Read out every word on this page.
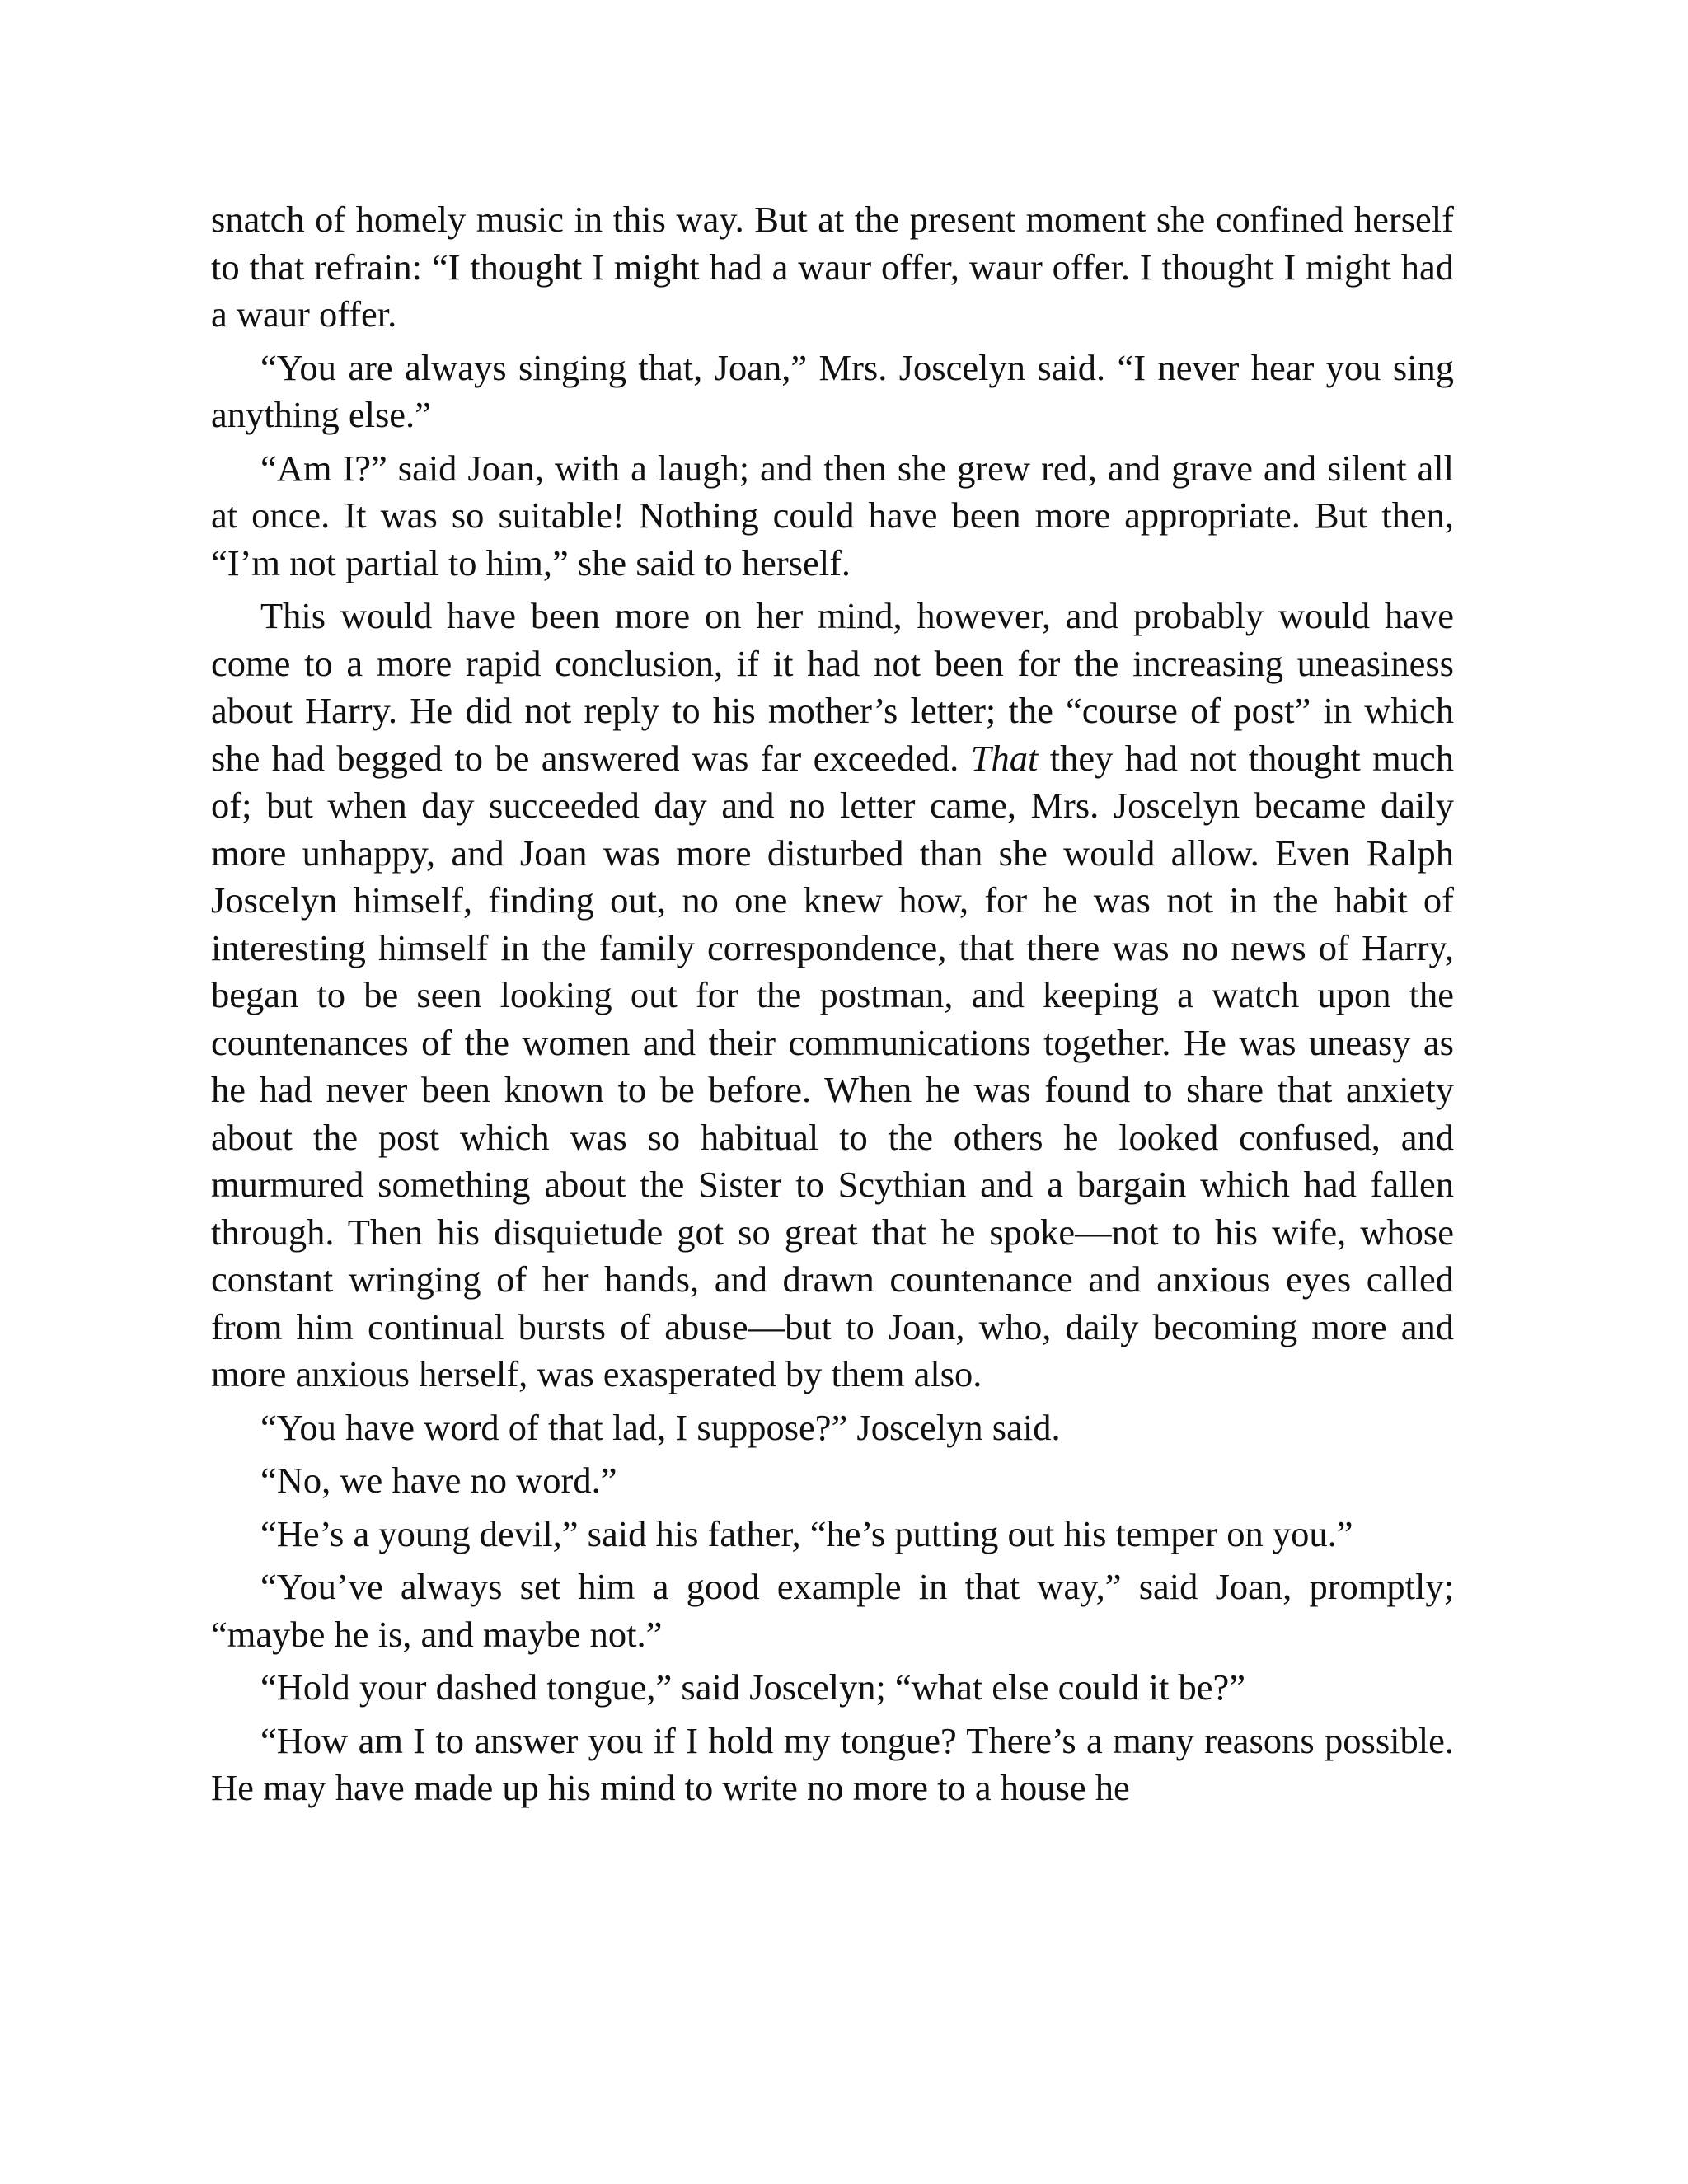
snatch of homely music in this way. But at the present moment she confined herself to that refrain: “I thought I might had a waur offer, waur offer. I thought I might had a waur offer.

“You are always singing that, Joan,” Mrs. Joscelyn said. “I never hear you sing anything else.”

“Am I?” said Joan, with a laugh; and then she grew red, and grave and silent all at once. It was so suitable! Nothing could have been more appropriate. But then, “I’m not partial to him,” she said to herself.

This would have been more on her mind, however, and probably would have come to a more rapid conclusion, if it had not been for the increasing uneasiness about Harry. He did not reply to his mother’s letter; the “course of post” in which she had begged to be answered was far exceeded. That they had not thought much of; but when day succeeded day and no letter came, Mrs. Joscelyn became daily more unhappy, and Joan was more disturbed than she would allow. Even Ralph Joscelyn himself, finding out, no one knew how, for he was not in the habit of interesting himself in the family correspondence, that there was no news of Harry, began to be seen looking out for the postman, and keeping a watch upon the countenances of the women and their communications together. He was uneasy as he had never been known to be before. When he was found to share that anxiety about the post which was so habitual to the others he looked confused, and murmured something about the Sister to Scythian and a bargain which had fallen through. Then his disquietude got so great that he spoke—not to his wife, whose constant wringing of her hands, and drawn countenance and anxious eyes called from him continual bursts of abuse—but to Joan, who, daily becoming more and more anxious herself, was exasperated by them also.

“You have word of that lad, I suppose?” Joscelyn said.

“No, we have no word.”

“He’s a young devil,” said his father, “he’s putting out his temper on you.”

“You’ve always set him a good example in that way,” said Joan, promptly; “maybe he is, and maybe not.”

“Hold your dashed tongue,” said Joscelyn; “what else could it be?”

“How am I to answer you if I hold my tongue? There’s a many reasons possible. He may have made up his mind to write no more to a house he
